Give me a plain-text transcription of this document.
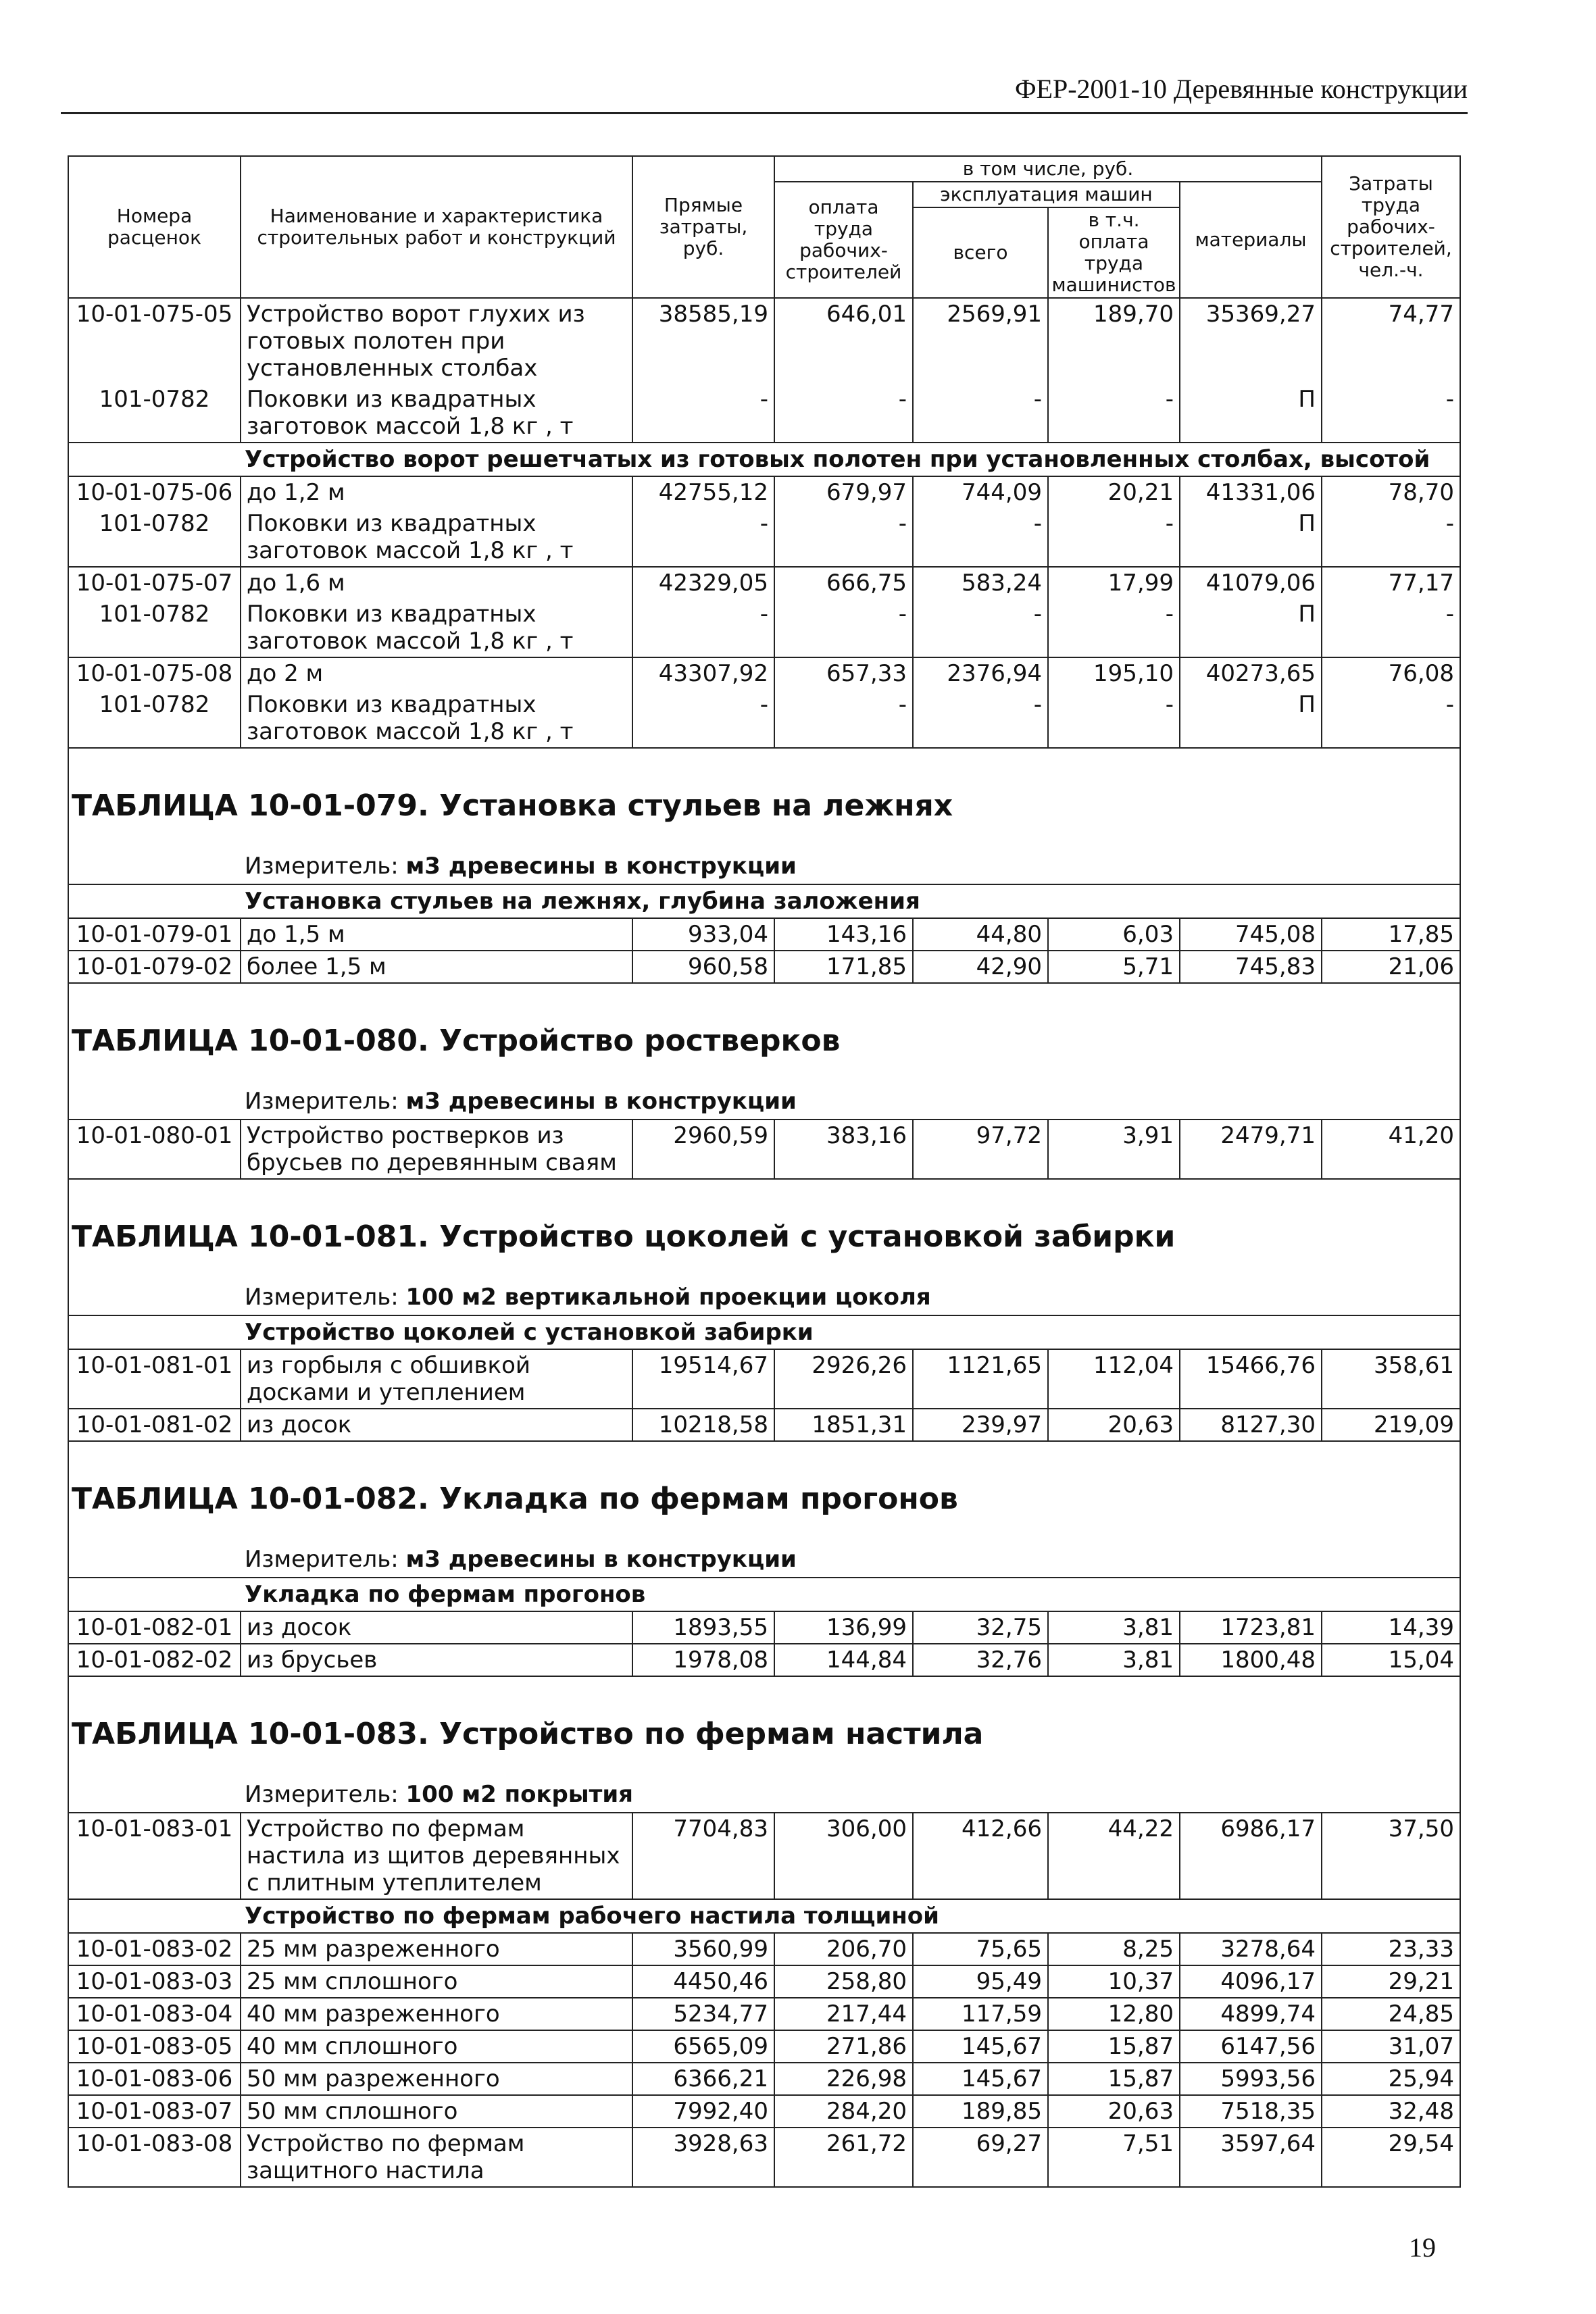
ФЕР-2001-10 Деревянные конструкции
Номера расценок	Наименование и характеристика строительных работ и конструкций	Прямые затраты, руб.	в том числе, руб.				Затраты труда рабочих-строителей, чел.-ч.
			оплата труда рабочих-строителей	эксплуатация машин		материалы	
				всего	в т.ч. оплата труда машинистов		
10-01-075-05	Устройство ворот глухих из готовых полотен при установленных столбах	38585,19	646,01	2569,91	189,70	35369,27	74,77
101-0782	Поковки из квадратных заготовок массой 1,8 кг , т	-	-	-	-	П	-
Устройство ворот решетчатых из готовых полотен при установленных столбах, высотой							
10-01-075-06	до 1,2 м	42755,12	679,97	744,09	20,21	41331,06	78,70
101-0782	Поковки из квадратных заготовок массой 1,8 кг , т	-	-	-	-	П	-
10-01-075-07	до 1,6 м	42329,05	666,75	583,24	17,99	41079,06	77,17
101-0782	Поковки из квадратных заготовок массой 1,8 кг , т	-	-	-	-	П	-
10-01-075-08	до 2 м	43307,92	657,33	2376,94	195,10	40273,65	76,08
101-0782	Поковки из квадратных заготовок массой 1,8 кг , т	-	-	-	-	П	-
ТАБЛИЦА 10-01-079. Установка стульев на лежнях							
Измеритель: м3 древесины в конструкции							
Установка стульев на лежнях, глубина заложения							
10-01-079-01	до 1,5 м	933,04	143,16	44,80	6,03	745,08	17,85
10-01-079-02	более 1,5 м	960,58	171,85	42,90	5,71	745,83	21,06
ТАБЛИЦА 10-01-080. Устройство ростверков							
Измеритель: м3 древесины в конструкции							
10-01-080-01	Устройство ростверков из брусьев по деревянным сваям	2960,59	383,16	97,72	3,91	2479,71	41,20
ТАБЛИЦА 10-01-081. Устройство цоколей с установкой забирки							
Измеритель: 100 м2 вертикальной проекции цоколя							
Устройство цоколей с установкой забирки							
10-01-081-01	из горбыля с обшивкой досками и утеплением	19514,67	2926,26	1121,65	112,04	15466,76	358,61
10-01-081-02	из досок	10218,58	1851,31	239,97	20,63	8127,30	219,09
ТАБЛИЦА 10-01-082. Укладка по фермам прогонов							
Измеритель: м3 древесины в конструкции							
Укладка по фермам прогонов							
10-01-082-01	из досок	1893,55	136,99	32,75	3,81	1723,81	14,39
10-01-082-02	из брусьев	1978,08	144,84	32,76	3,81	1800,48	15,04
ТАБЛИЦА 10-01-083. Устройство по фермам настила							
Измеритель: 100 м2 покрытия							
10-01-083-01	Устройство по фермам настила из щитов деревянных с плитным утеплителем	7704,83	306,00	412,66	44,22	6986,17	37,50
Устройство по фермам рабочего настила толщиной							
10-01-083-02	25 мм разреженного	3560,99	206,70	75,65	8,25	3278,64	23,33
10-01-083-03	25 мм сплошного	4450,46	258,80	95,49	10,37	4096,17	29,21
10-01-083-04	40 мм разреженного	5234,77	217,44	117,59	12,80	4899,74	24,85
10-01-083-05	40 мм сплошного	6565,09	271,86	145,67	15,87	6147,56	31,07
10-01-083-06	50 мм разреженного	6366,21	226,98	145,67	15,87	5993,56	25,94
10-01-083-07	50 мм сплошного	7992,40	284,20	189,85	20,63	7518,35	32,48
10-01-083-08	Устройство по фермам защитного настила	3928,63	261,72	69,27	7,51	3597,64	29,54
19
